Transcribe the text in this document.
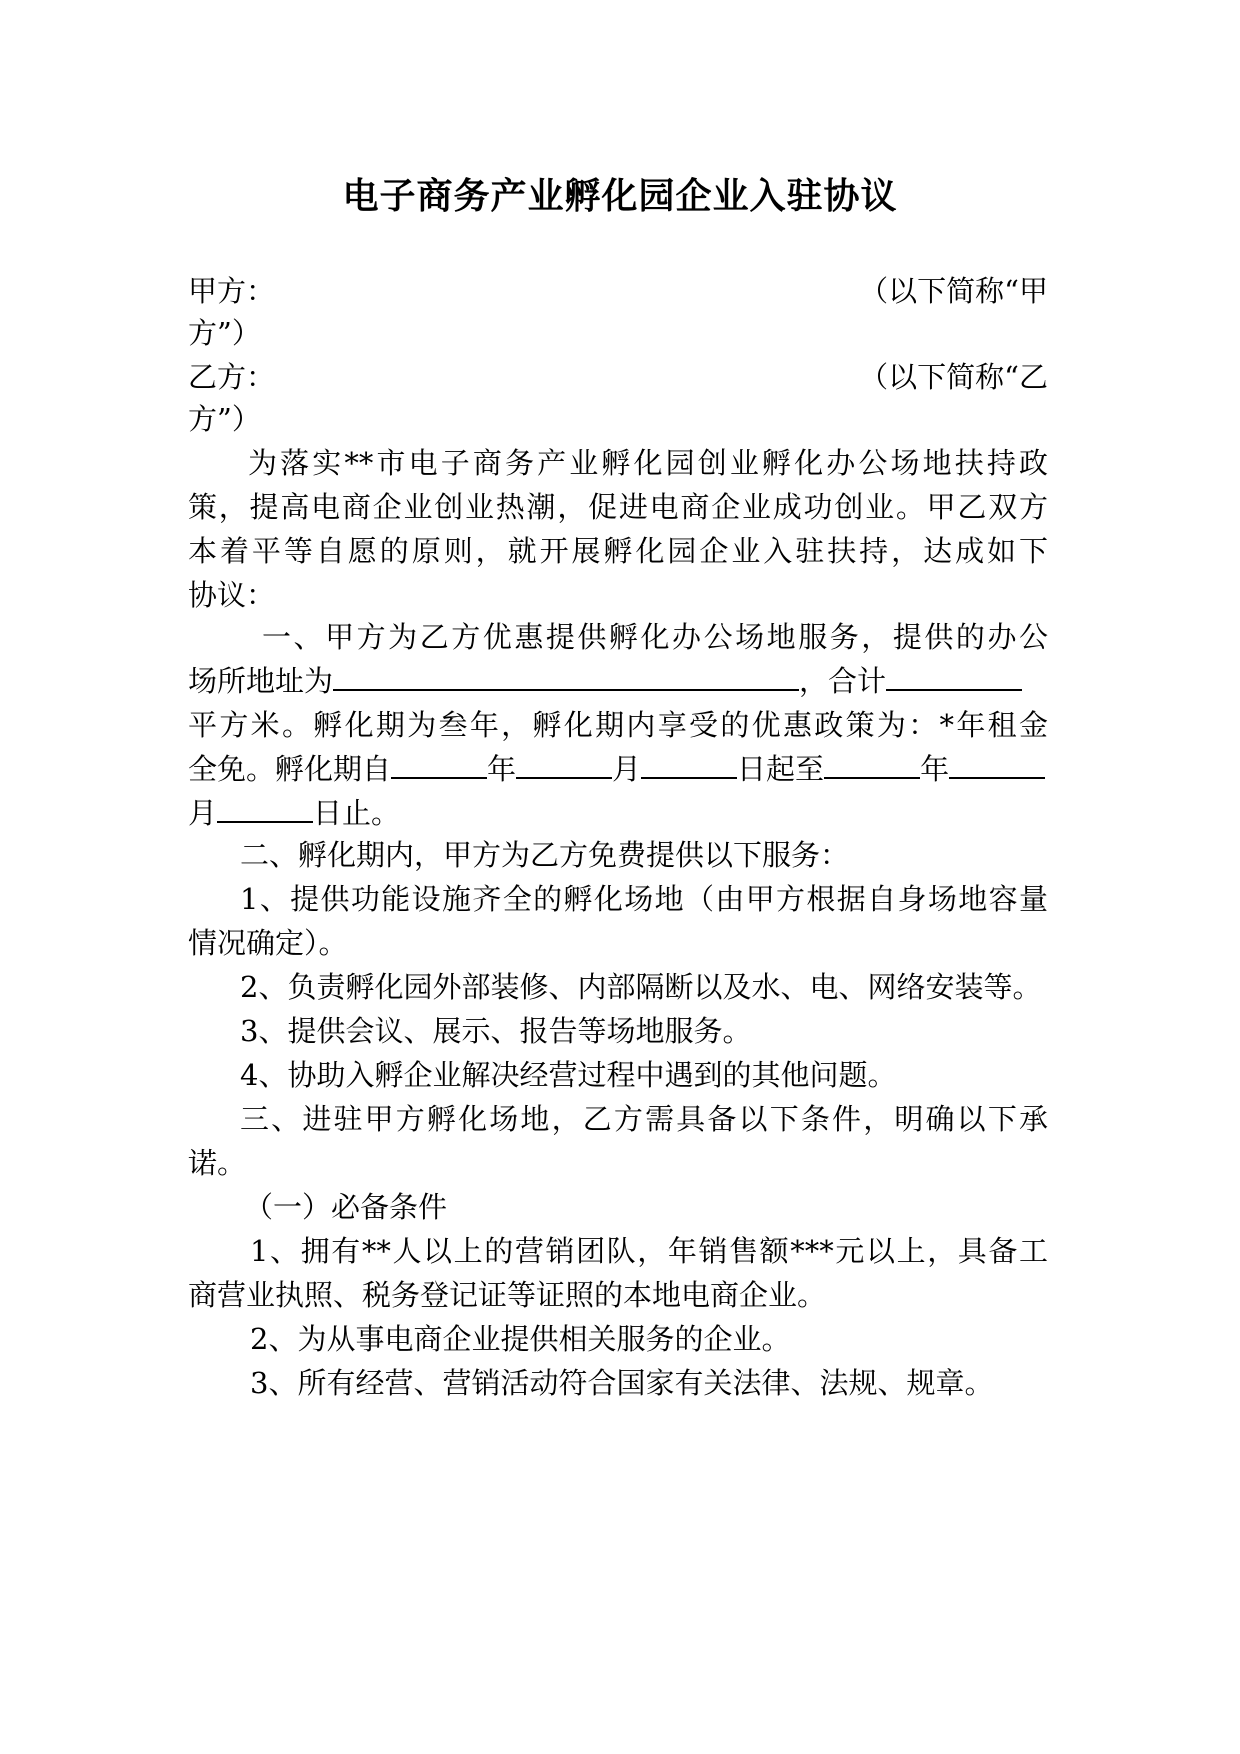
电子商务产业孵化园企业入驻协议
甲方：	（以下简称“甲
方”）
乙方：	（以下简称“乙
方”）
为落实**市电子商务产业孵化园创业孵化办公场地扶持政
策，提高电商企业创业热潮，促进电商企业成功创业。甲乙双方
本着平等自愿的原则，就开展孵化园企业入驻扶持，达成如下
协议：
一、甲方为乙方优惠提供孵化办公场地服务，提供的办公
场所地址为	，合计
平方米。孵化期为叁年，孵化期内享受的优惠政策为：*年租金
全免。孵化期自	年	月	日起至	年
月	日止。
二、孵化期内，甲方为乙方免费提供以下服务：
1、提供功能设施齐全的孵化场地（由甲方根据自身场地容量
情况确定）。
2、负责孵化园外部装修、内部隔断以及水、电、网络安装等。
3、提供会议、展示、报告等场地服务。
4、协助入孵企业解决经营过程中遇到的其他问题。
三、进驻甲方孵化场地，乙方需具备以下条件，明确以下承
诺。
（一）必备条件
1、拥有**人以上的营销团队，年销售额***元以上，具备工
商营业执照、税务登记证等证照的本地电商企业。
2、为从事电商企业提供相关服务的企业。
3、所有经营、营销活动符合国家有关法律、法规、规章。
